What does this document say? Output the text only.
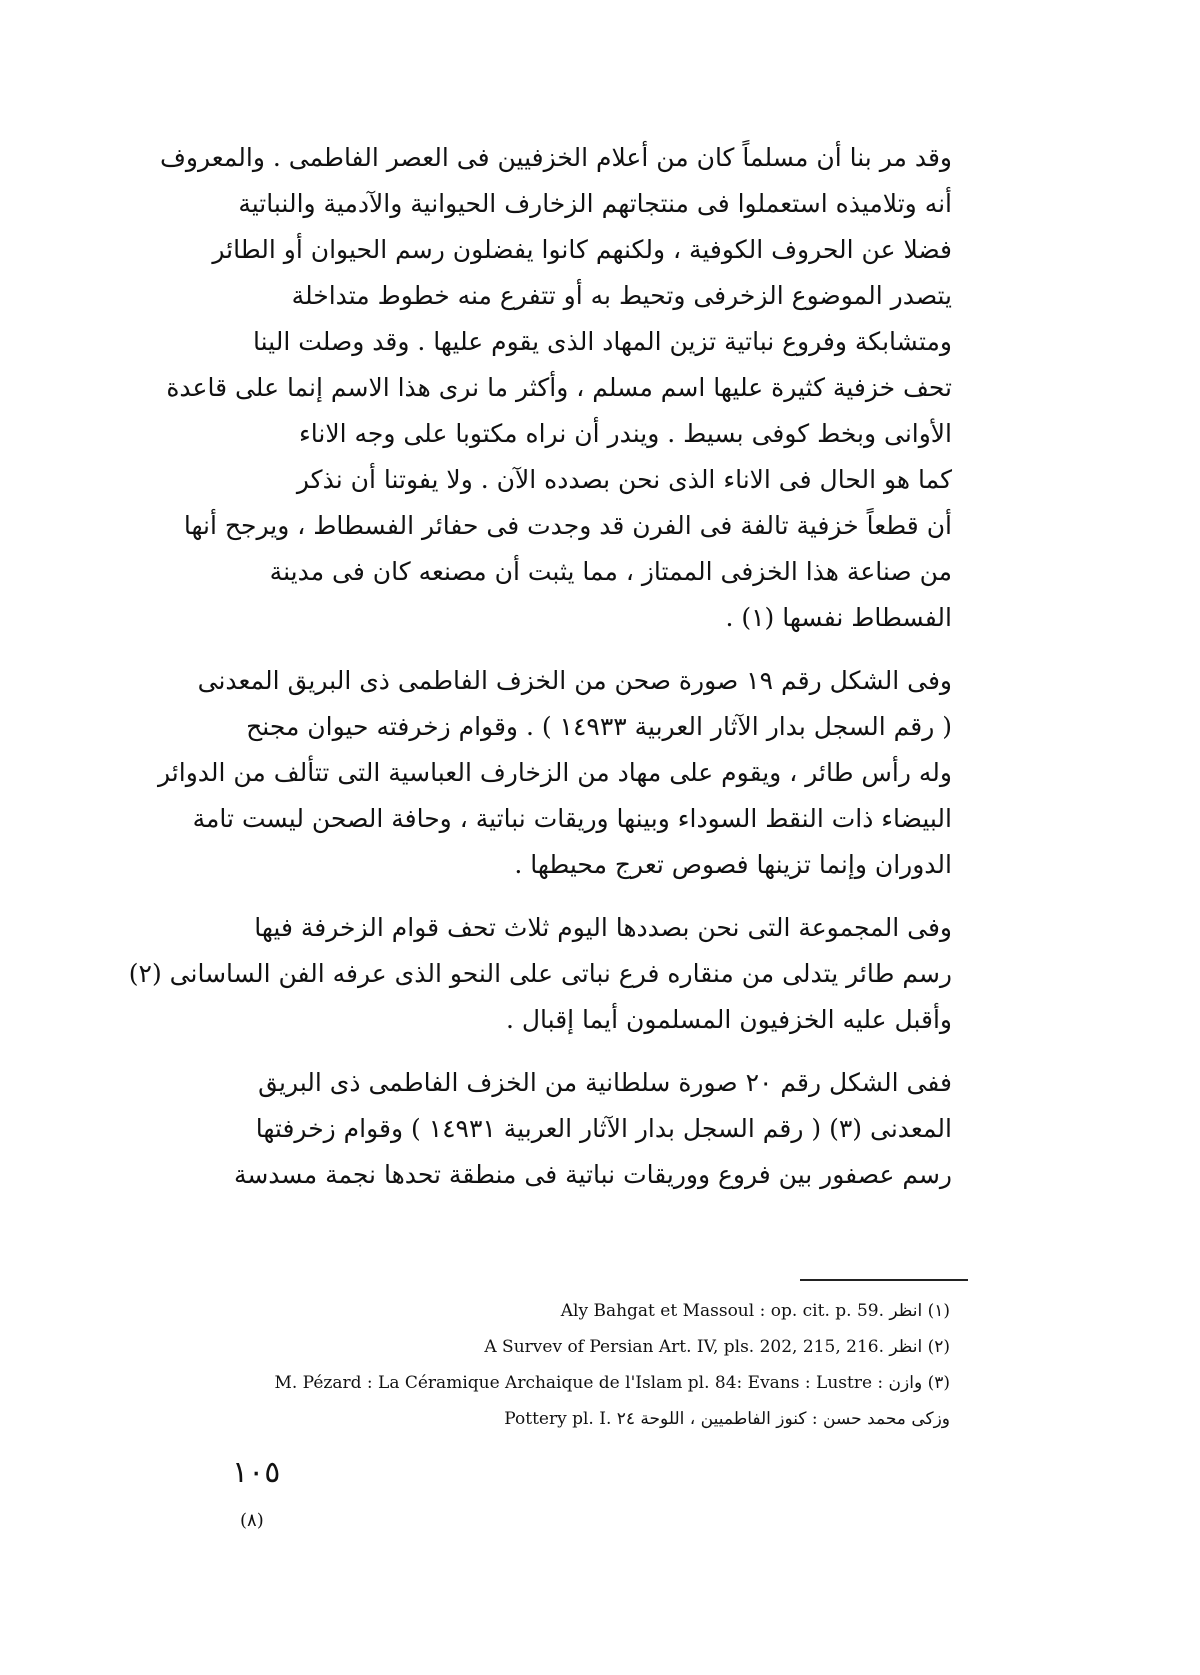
وقد مر بنا أن مسلماً كان من أعلام الخزفيين فى العصر الفاطمى . والمعروف
أنه وتلاميذه استعملوا فى منتجاتهم الزخارف الحيوانية والآدمية والنباتية
فضلا عن الحروف الكوفية ، ولكنهم كانوا يفضلون رسم الحيوان أو الطائر
يتصدر الموضوع الزخرفى وتحيط به أو تتفرع منه خطوط متداخلة
ومتشابكة وفروع نباتية تزين المهاد الذى يقوم عليها . وقد وصلت الينا
تحف خزفية كثيرة عليها اسم مسلم ، وأكثر ما نرى هذا الاسم إنما على قاعدة
الأوانى وبخط كوفى بسيط . ويندر أن نراه مكتوبا على وجه الاناء
كما هو الحال فى الاناء الذى نحن بصدده الآن . ولا يفوتنا أن نذكر
أن قطعاً خزفية تالفة فى الفرن قد وجدت فى حفائر الفسطاط ، ويرجح أنها
من صناعة هذا الخزفى الممتاز ، مما يثبت أن مصنعه كان فى مدينة
الفسطاط نفسها (١) .
وفى الشكل رقم ١٩ صورة صحن من الخزف الفاطمى ذى البريق المعدنى
( رقم السجل بدار الآثار العربية ١٤٩٣٣ ) . وقوام زخرفته حيوان مجنح
وله رأس طائر ، ويقوم على مهاد من الزخارف العباسية التى تتألف من الدوائر
البيضاء ذات النقط السوداء وبينها وريقات نباتية ، وحافة الصحن ليست تامة
الدوران وإنما تزينها فصوص تعرج محيطها .
وفى المجموعة التى نحن بصددها اليوم ثلاث تحف قوام الزخرفة فيها
رسم طائر يتدلى من منقاره فرع نباتى على النحو الذى عرفه الفن الساسانى (٢)
وأقبل عليه الخزفيون المسلمون أيما إقبال .
ففى الشكل رقم ٢٠ صورة سلطانية من الخزف الفاطمى ذى البريق
المعدنى (٣) ( رقم السجل بدار الآثار العربية ١٤٩٣١ ) وقوام زخرفتها
رسم عصفور بين فروع ووريقات نباتية فى منطقة تحدها نجمة مسدسة
(١) انظر Aly Bahgat et Massoul : op. cit. p. 59.
(٢) انظر A Survev of Persian Art. IV, pls. 202, 215, 216.
(٣) وازن : M. Pézard : La Céramique Archaique de l'Islam pl. 84: Evans : Lustre
وزكى محمد حسن : كنوز الفاطميين ، اللوحة ٢٤ Pottery pl. I.
١٠٥
(٨)
